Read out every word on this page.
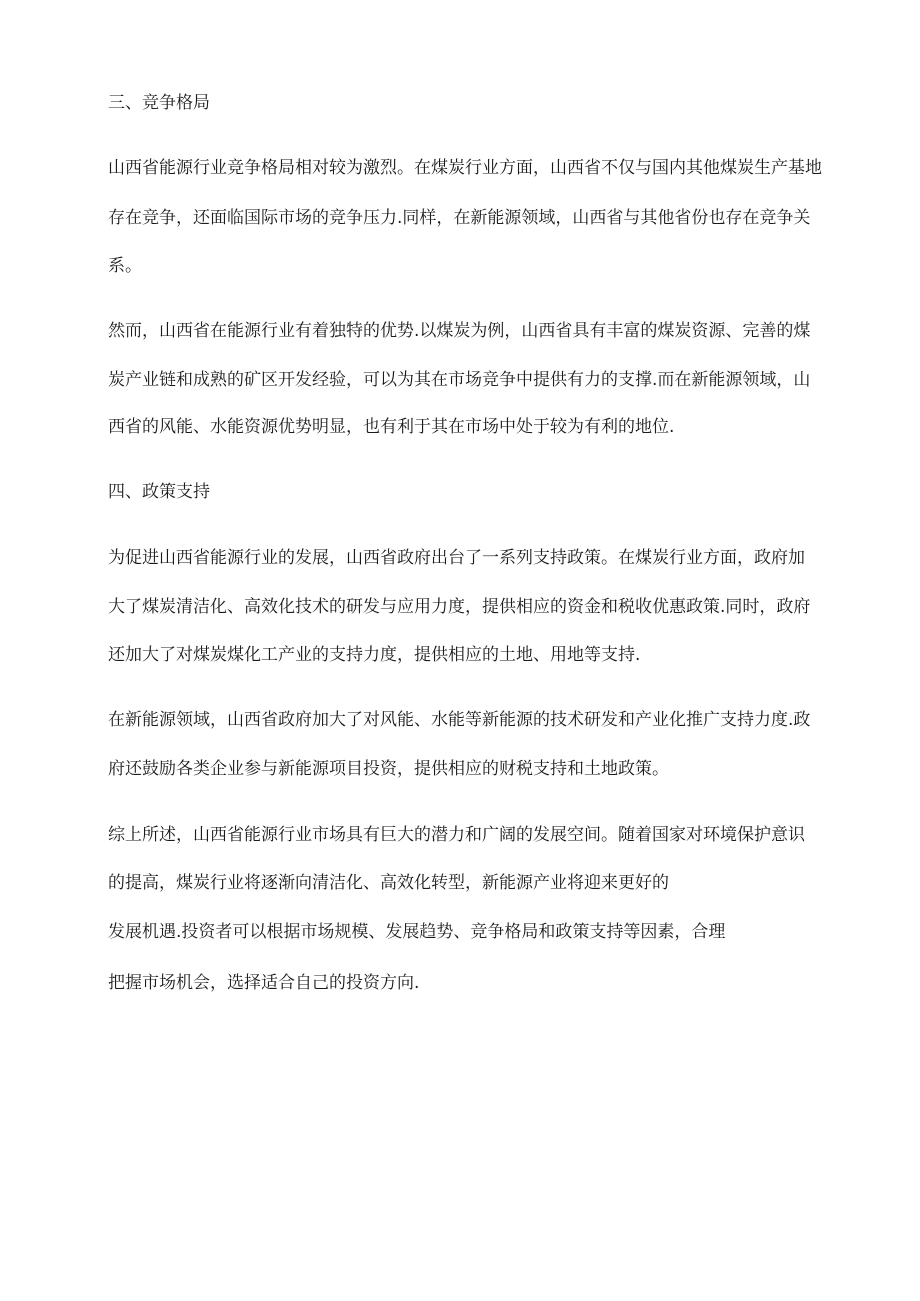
三、竞争格局
山西省能源行业竞争格局相对较为激烈。在煤炭行业方面，山西省不仅与国内其他煤炭生产基地
存在竞争，还面临国际市场的竞争压力.同样，在新能源领域，山西省与其他省份也存在竞争关
系。
然而，山西省在能源行业有着独特的优势.以煤炭为例，山西省具有丰富的煤炭资源、完善的煤
炭产业链和成熟的矿区开发经验，可以为其在市场竞争中提供有力的支撑.而在新能源领域，山
西省的风能、水能资源优势明显，也有利于其在市场中处于较为有利的地位.
四、政策支持
为促进山西省能源行业的发展，山西省政府出台了一系列支持政策。在煤炭行业方面，政府加
大了煤炭清洁化、高效化技术的研发与应用力度，提供相应的资金和税收优惠政策.同时，政府
还加大了对煤炭煤化工产业的支持力度，提供相应的土地、用地等支持.
在新能源领域，山西省政府加大了对风能、水能等新能源的技术研发和产业化推广支持力度.政
府还鼓励各类企业参与新能源项目投资，提供相应的财税支持和土地政策。
综上所述，山西省能源行业市场具有巨大的潜力和广阔的发展空间。随着国家对环境保护意识
的提高，煤炭行业将逐渐向清洁化、高效化转型，新能源产业将迎来更好的
发展机遇.投资者可以根据市场规模、发展趋势、竞争格局和政策支持等因素，合理
把握市场机会，选择适合自己的投资方向.
